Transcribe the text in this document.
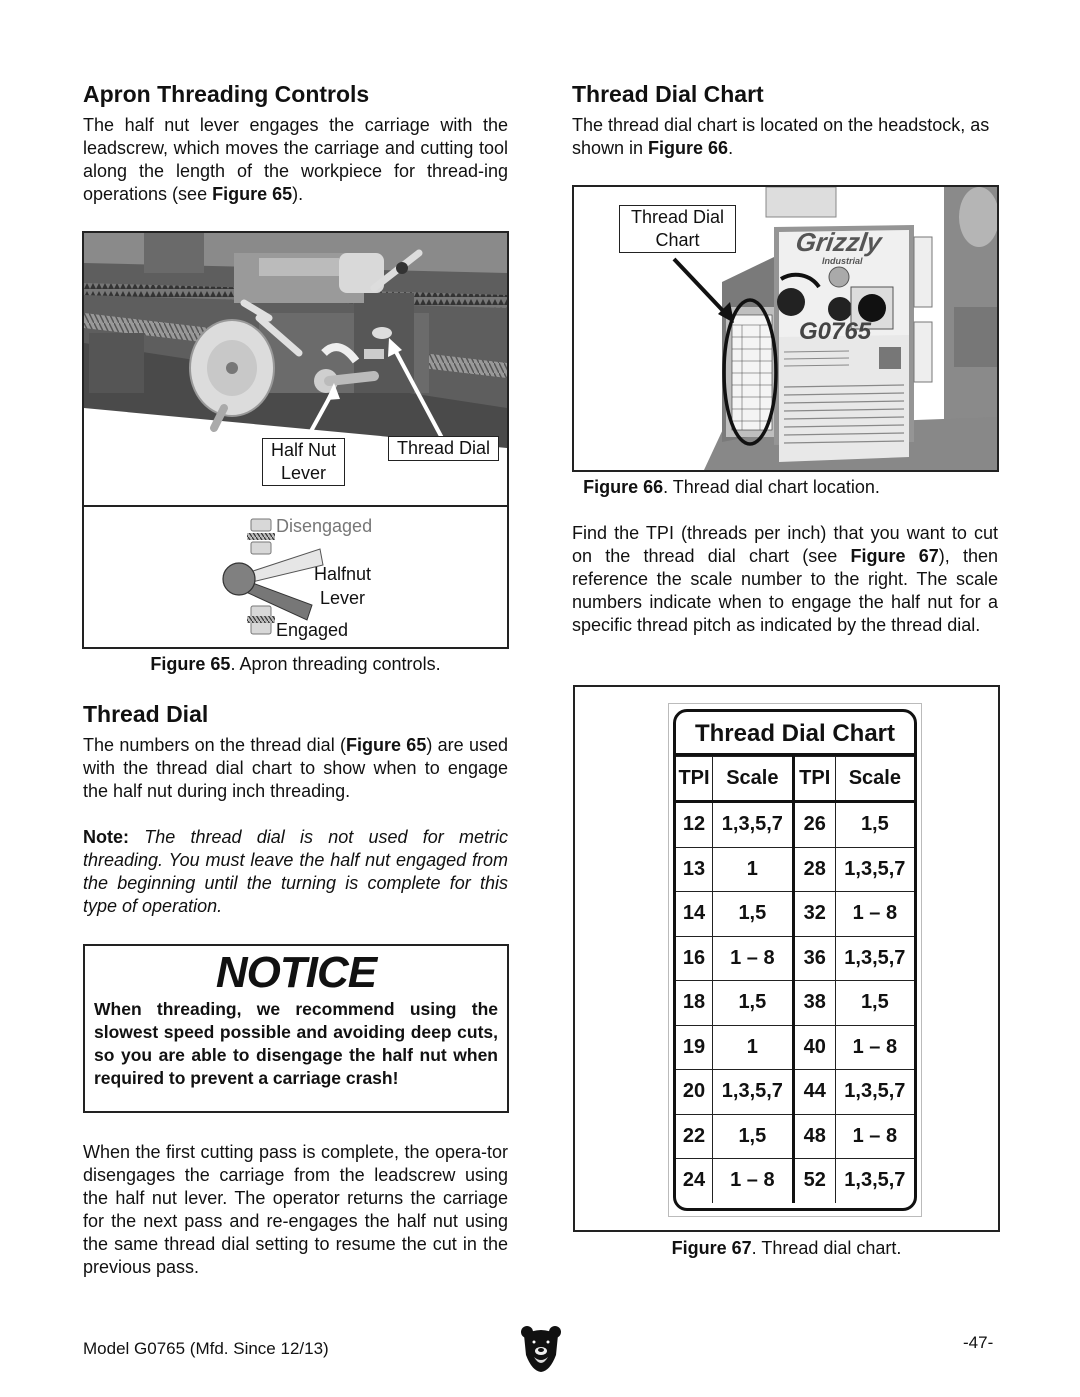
Apron Threading Controls

The half nut lever engages the carriage with the leadscrew, which moves the carriage and cutting tool along the length of the workpiece for thread-ing operations (see Figure 65).

Half Nut
Lever
Thread Dial
Disengaged
Halfnut
Lever
Engaged
Figure 65. Apron threading controls.
Thread Dial

The numbers on the thread dial (Figure 65) are used with the thread dial chart to show when to engage the half nut during inch threading.

Note: The thread dial is not used for metric threading. You must leave the half nut engaged from the beginning until the turning is complete for this type of operation.

NOTICE
When threading, we recommend using the slowest speed possible and avoiding deep cuts, so you are able to disengage the half nut when required to prevent a carriage crash!

When the first cutting pass is complete, the opera-tor disengages the carriage from the leadscrew using the half nut lever. The operator returns the carriage for the next pass and re-engages the half nut using the same thread dial setting to resume the cut in the previous pass.

Thread Dial Chart

The thread dial chart is located on the headstock, as shown in Figure 66.

Grizzly
Industrial
G0765
Thread Dial
Chart
Figure 66. Thread dial chart location.

Find the TPI (threads per inch) that you want to cut on the thread dial chart (see Figure 67), then reference the scale number to the right. The scale numbers indicate when to engage the half nut for a specific thread pitch as indicated by the thread dial.

Thread Dial Chart
TPI	Scale	TPI	Scale
12	1,3,5,7	26	1,5
13	1	28	1,3,5,7
14	1,5	32	1 – 8
16	1 – 8	36	1,3,5,7
18	1,5	38	1,5
19	1	40	1 – 8
20	1,3,5,7	44	1,3,5,7
22	1,5	48	1 – 8
24	1 – 8	52	1,3,5,7
Figure 67. Thread dial chart.
Model G0765 (Mfd. Since 12/13)	-47-
